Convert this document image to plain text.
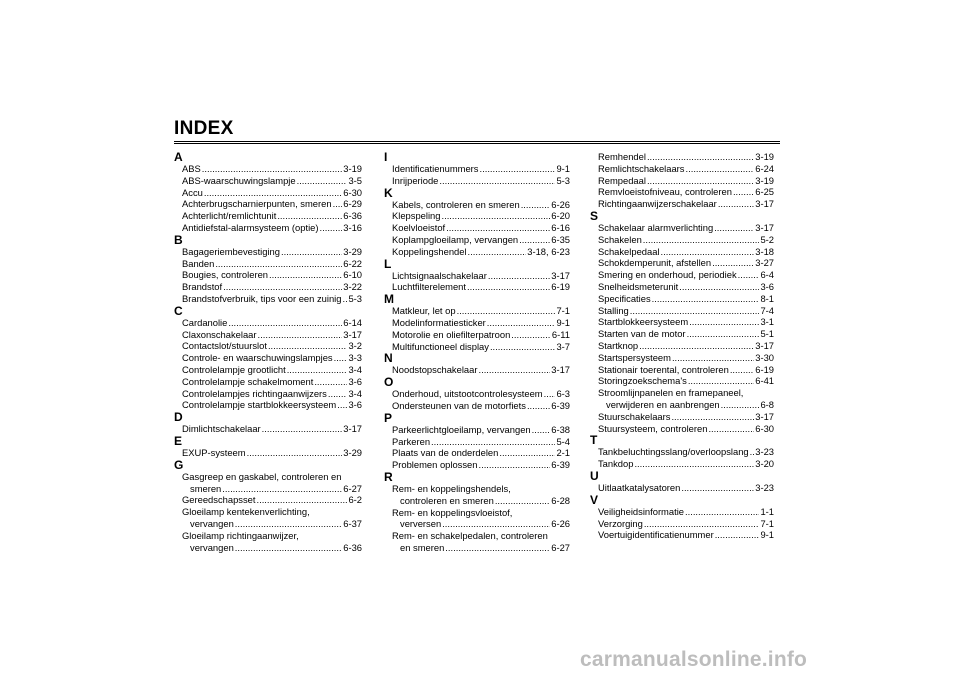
INDEX
A
ABS .....	3-19
ABS-waarschuwingslampje .....	3-5
Accu .....	6-30
Achterbrugscharnierpunten, smeren ..... 6-29
Achterlicht/remlichtunit .....	6-36
Antidiefstal-alarmsysteem (optie) .....	3-16
B
Bagageriembevestiging .....	3-29
Banden .....	6-22
Bougies, controleren .....	6-10
Brandstof .....	3-22
Brandstofverbruik, tips voor een zuinig ..... 5-3
C
Cardanolie .....	6-14
Claxonschakelaar .....	3-17
Contactslot/stuurslot .....	3-2
Controle- en waarschuwingslampjes ..... 3-3
Controlelampje grootlicht .....	3-4
Controlelampje schakelmoment .....	3-6
Controlelampjes richtingaanwijzers ..... 3-4
Controlelampje startblokkeersysteem ..... 3-6
D
Dimlichtschakelaar .....	3-17
E
EXUP-systeem .....	3-29
G
Gasgreep en gaskabel, controleren en
smeren .....	6-27
Gereedschapsset .....	6-2
Gloeilamp kentekenverlichting,
vervangen .....	6-37
Gloeilamp richtingaanwijzer,
vervangen .....	6-36
I
Identificatienummers .....	9-1
Inrijperiode .....	5-3
K
Kabels, controleren en smeren .....	6-26
Klepspeling .....	6-20
Koelvloeistof .....	6-16
Koplampgloeilamp, vervangen .....	6-35
Koppelingshendel .....	3-18, 6-23
L
Lichtsignaalschakelaar .....	3-17
Luchtfilterelement .....	6-19
M
Matkleur, let op .....	7-1
Modelinformatiesticker .....	9-1
Motorolie en oliefilterpatroon .....	6-11
Multifunctioneel display .....	3-7
N
Noodstopschakelaar .....	3-17
O
Onderhoud, uitstootcontrolesysteem ..... 6-3
Ondersteunen van de motorfiets .....	6-39
P
Parkeerlichtgloeilamp, vervangen ..... 6-38
Parkeren .....	5-4
Plaats van de onderdelen .....	2-1
Problemen oplossen .....	6-39
R
Rem- en koppelingshendels,
controleren en smeren .....	6-28
Rem- en koppelingsvloeistof,
verversen .....	6-26
Rem- en schakelpedalen, controleren
en smeren .....	6-27
Remhendel .....	3-19
Remlichtschakelaars .....	6-24
Rempedaal .....	3-19
Remvloeistofniveau, controleren ..... 6-25
Richtingaanwijzerschakelaar .....	3-17
S
Schakelaar alarmverlichting .....	3-17
Schakelen .....	5-2
Schakelpedaal .....	3-18
Schokdemperunit, afstellen .....	3-27
Smering en onderhoud, periodiek .....	6-4
Snelheidsmeterunit .....	3-6
Specificaties .....	8-1
Stalling .....	7-4
Startblokkeersysteem .....	3-1
Starten van de motor .....	5-1
Startknop .....	3-17
Startspersysteem .....	3-30
Stationair toerental, controleren .....	6-19
Storingzoekschema's .....	6-41
Stroomlijnpanelen en framepaneel,
verwijderen en aanbrengen .....	6-8
Stuurschakelaars .....	3-17
Stuursysteem, controleren .....	6-30
T
Tankbeluchtingsslang/overloopslang ..... 3-23
Tankdop .....	3-20
U
Uitlaatkatalysatoren .....	3-23
V
Veiligheidsinformatie .....	1-1
Verzorging .....	7-1
Voertuigidentificatienummer .....	9-1
carmanualsonline.info
